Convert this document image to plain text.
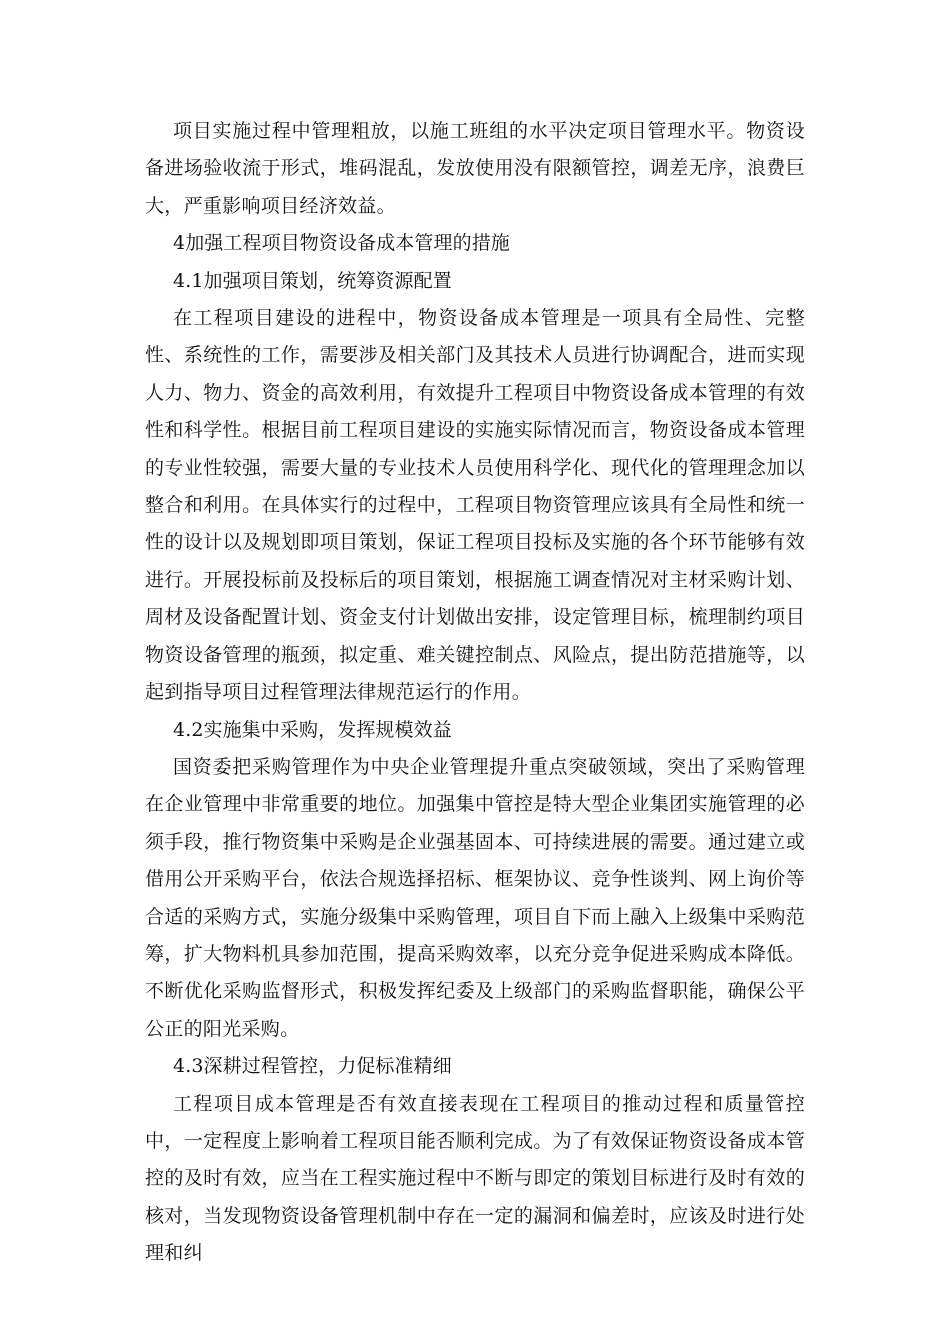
项目实施过程中管理粗放，以施工班组的水平决定项目管理水平。物资设备进场验收流于形式，堆码混乱，发放使用没有限额管控，调差无序，浪费巨大，严重影响项目经济效益。

4加强工程项目物资设备成本管理的措施

4.1加强项目策划，统筹资源配置

在工程项目建设的进程中，物资设备成本管理是一项具有全局性、完整性、系统性的工作，需要涉及相关部门及其技术人员进行协调配合，进而实现人力、物力、资金的高效利用，有效提升工程项目中物资设备成本管理的有效性和科学性。根据目前工程项目建设的实施实际情况而言，物资设备成本管理的专业性较强，需要大量的专业技术人员使用科学化、现代化的管理理念加以整合和利用。在具体实行的过程中，工程项目物资管理应该具有全局性和统一性的设计以及规划即项目策划，保证工程项目投标及实施的各个环节能够有效进行。开展投标前及投标后的项目策划，根据施工调查情况对主材采购计划、周材及设备配置计划、资金支付计划做出安排，设定管理目标，梳理制约项目物资设备管理的瓶颈，拟定重、难关键控制点、风险点，提出防范措施等，以起到指导项目过程管理法律规范运行的作用。

4.2实施集中采购，发挥规模效益

国资委把采购管理作为中央企业管理提升重点突破领域，突出了采购管理在企业管理中非常重要的地位。加强集中管控是特大型企业集团实施管理的必须手段，推行物资集中采购是企业强基固本、可持续进展的需要。通过建立或借用公开采购平台，依法合规选择招标、框架协议、竞争性谈判、网上询价等合适的采购方式，实施分级集中采购管理，项目自下而上融入上级集中采购范筹，扩大物料机具参加范围，提高采购效率，以充分竞争促进采购成本降低。不断优化采购监督形式，积极发挥纪委及上级部门的采购监督职能，确保公平公正的阳光采购。

4.3深耕过程管控，力促标准精细

工程项目成本管理是否有效直接表现在工程项目的推动过程和质量管控中，一定程度上影响着工程项目能否顺利完成。为了有效保证物资设备成本管控的及时有效，应当在工程实施过程中不断与即定的策划目标进行及时有效的核对，当发现物资设备管理机制中存在一定的漏洞和偏差时，应该及时进行处理和纠
